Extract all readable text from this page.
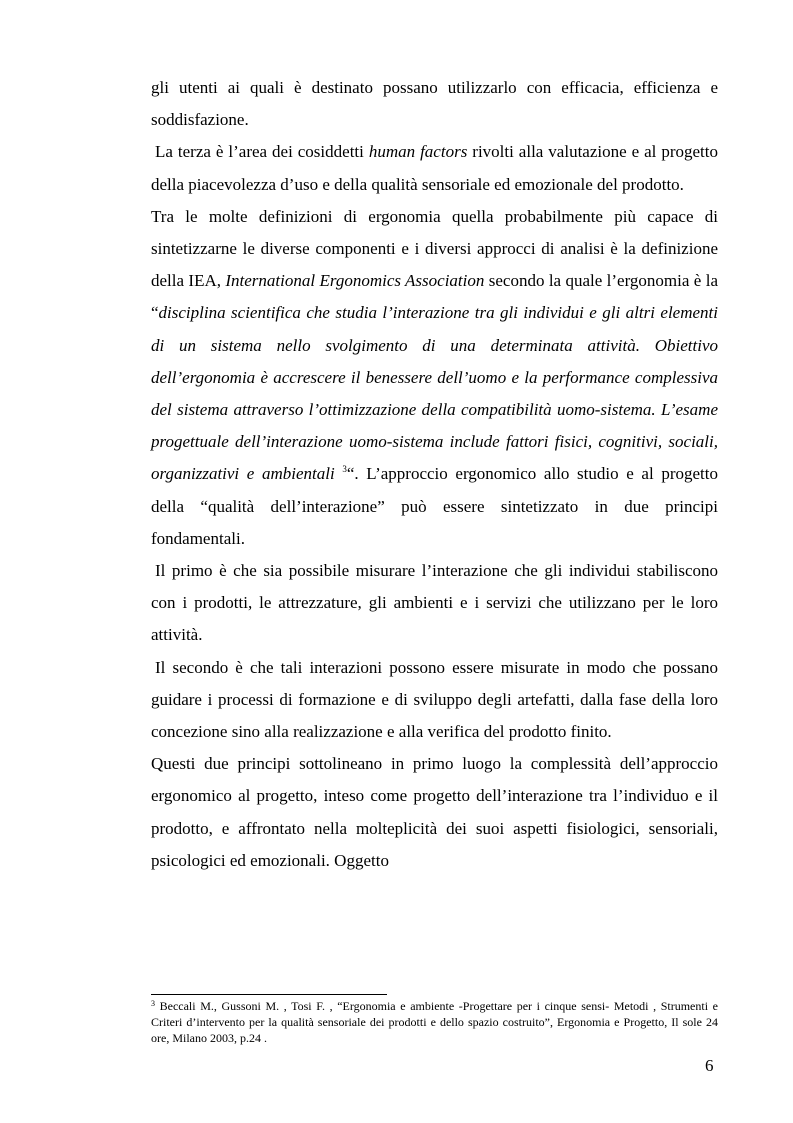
gli utenti ai quali è destinato possano utilizzarlo con efficacia, efficienza e soddisfazione.

La terza è l’area dei cosiddetti human factors rivolti alla valutazione e al progetto della piacevolezza d’uso e della qualità sensoriale ed emozionale del prodotto.

Tra le molte definizioni di ergonomia quella probabilmente più capace di sintetizzarne le diverse componenti e i diversi approcci di analisi è la definizione della IEA, International Ergonomics Association secondo la quale l’ergonomia è la “disciplina scientifica che studia l’interazione tra gli individui e gli altri elementi di un sistema nello svolgimento di una determinata attività. Obiettivo dell’ergonomia è accrescere il benessere dell’uomo e la performance complessiva del sistema attraverso l’ottimizzazione della compatibilità uomo-sistema. L’esame progettuale dell’interazione uomo-sistema include fattori fisici, cognitivi, sociali, organizzativi e ambientali $^3$“. L’approccio ergonomico allo studio e al progetto della “qualità dell’interazione” può essere sintetizzato in due principi fondamentali.

Il primo è che sia possibile misurare l’interazione che gli individui stabiliscono con i prodotti, le attrezzature, gli ambienti e i servizi che utilizzano per le loro attività.

Il secondo è che tali interazioni possono essere misurate in modo che possano guidare i processi di formazione e di sviluppo degli artefatti, dalla fase della loro concezione sino alla realizzazione e alla verifica del prodotto finito.

Questi due principi sottolineano in primo luogo la complessità dell’approccio ergonomico al progetto, inteso come progetto dell’interazione tra l’individuo e il prodotto, e affrontato nella molteplicità dei suoi aspetti fisiologici, sensoriali, psicologici ed emozionali. Oggetto

$^3$ Beccali M., Gussoni M. , Tosi F. , “Ergonomia e ambiente -Progettare per i cinque sensi- Metodi , Strumenti e Criteri d’intervento per la qualità sensoriale dei prodotti e dello spazio costruito”, Ergonomia e Progetto, Il sole 24 ore, Milano 2003, p.24 .
6
